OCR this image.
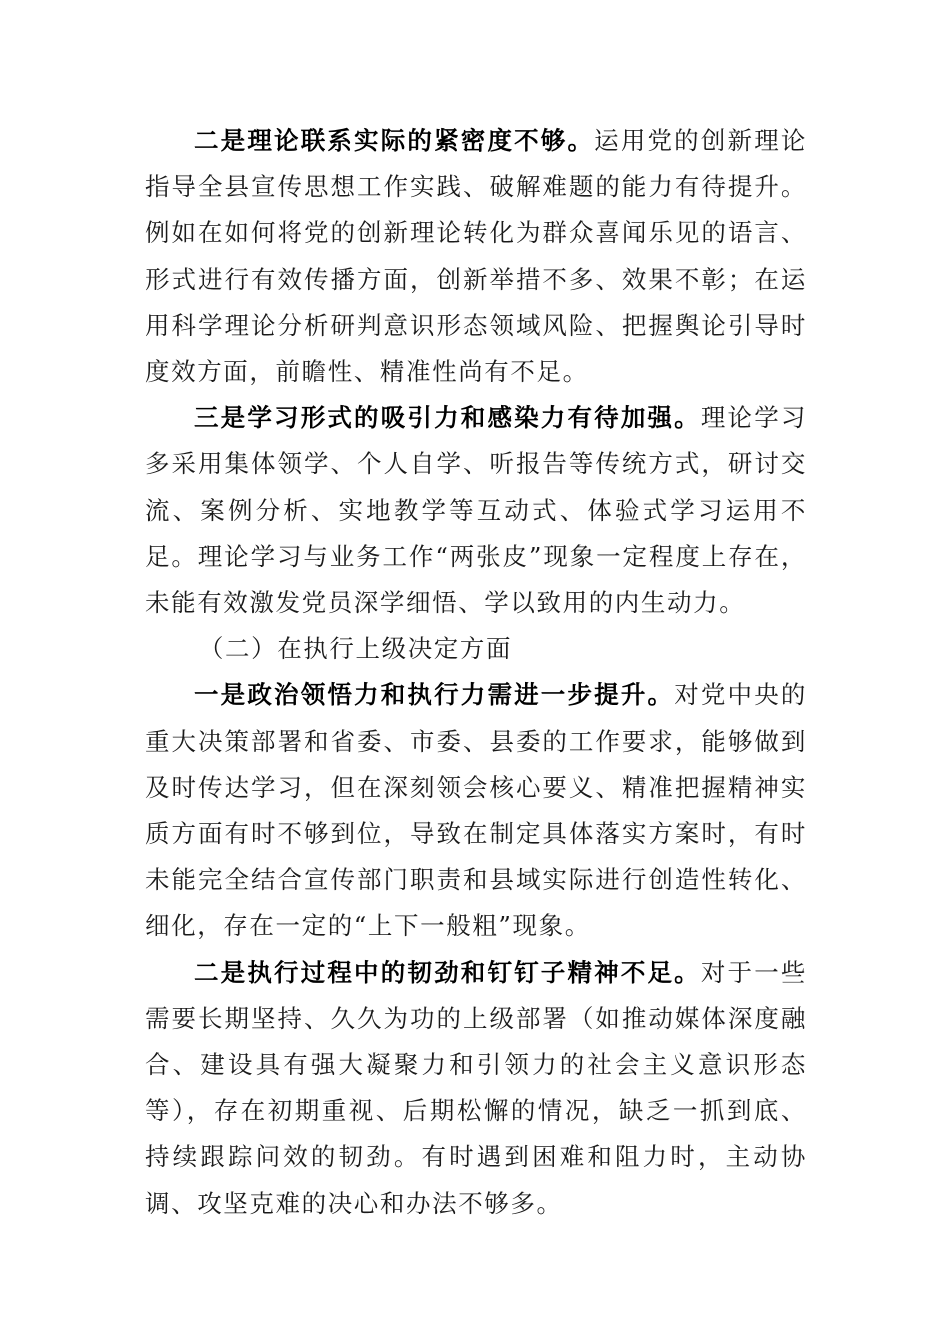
二是理论联系实际的紧密度不够。运用党的创新理论指导全县宣传思想工作实践、破解难题的能力有待提升。例如在如何将党的创新理论转化为群众喜闻乐见的语言、形式进行有效传播方面，创新举措不多、效果不彰；在运用科学理论分析研判意识形态领域风险、把握舆论引导时度效方面，前瞻性、精准性尚有不足。

三是学习形式的吸引力和感染力有待加强。理论学习多采用集体领学、个人自学、听报告等传统方式，研讨交流、案例分析、实地教学等互动式、体验式学习运用不足。理论学习与业务工作“两张皮”现象一定程度上存在，未能有效激发党员深学细悟、学以致用的内生动力。

（二）在执行上级决定方面

一是政治领悟力和执行力需进一步提升。对党中央的重大决策部署和省委、市委、县委的工作要求，能够做到及时传达学习，但在深刻领会核心要义、精准把握精神实质方面有时不够到位，导致在制定具体落实方案时，有时未能完全结合宣传部门职责和县域实际进行创造性转化、细化，存在一定的“上下一般粗”现象。

二是执行过程中的韧劲和钉钉子精神不足。对于一些需要长期坚持、久久为功的上级部署（如推动媒体深度融合、建设具有强大凝聚力和引领力的社会主义意识形态等），存在初期重视、后期松懈的情况，缺乏一抓到底、持续跟踪问效的韧劲。有时遇到困难和阻力时，主动协调、攻坚克难的决心和办法不够多。
